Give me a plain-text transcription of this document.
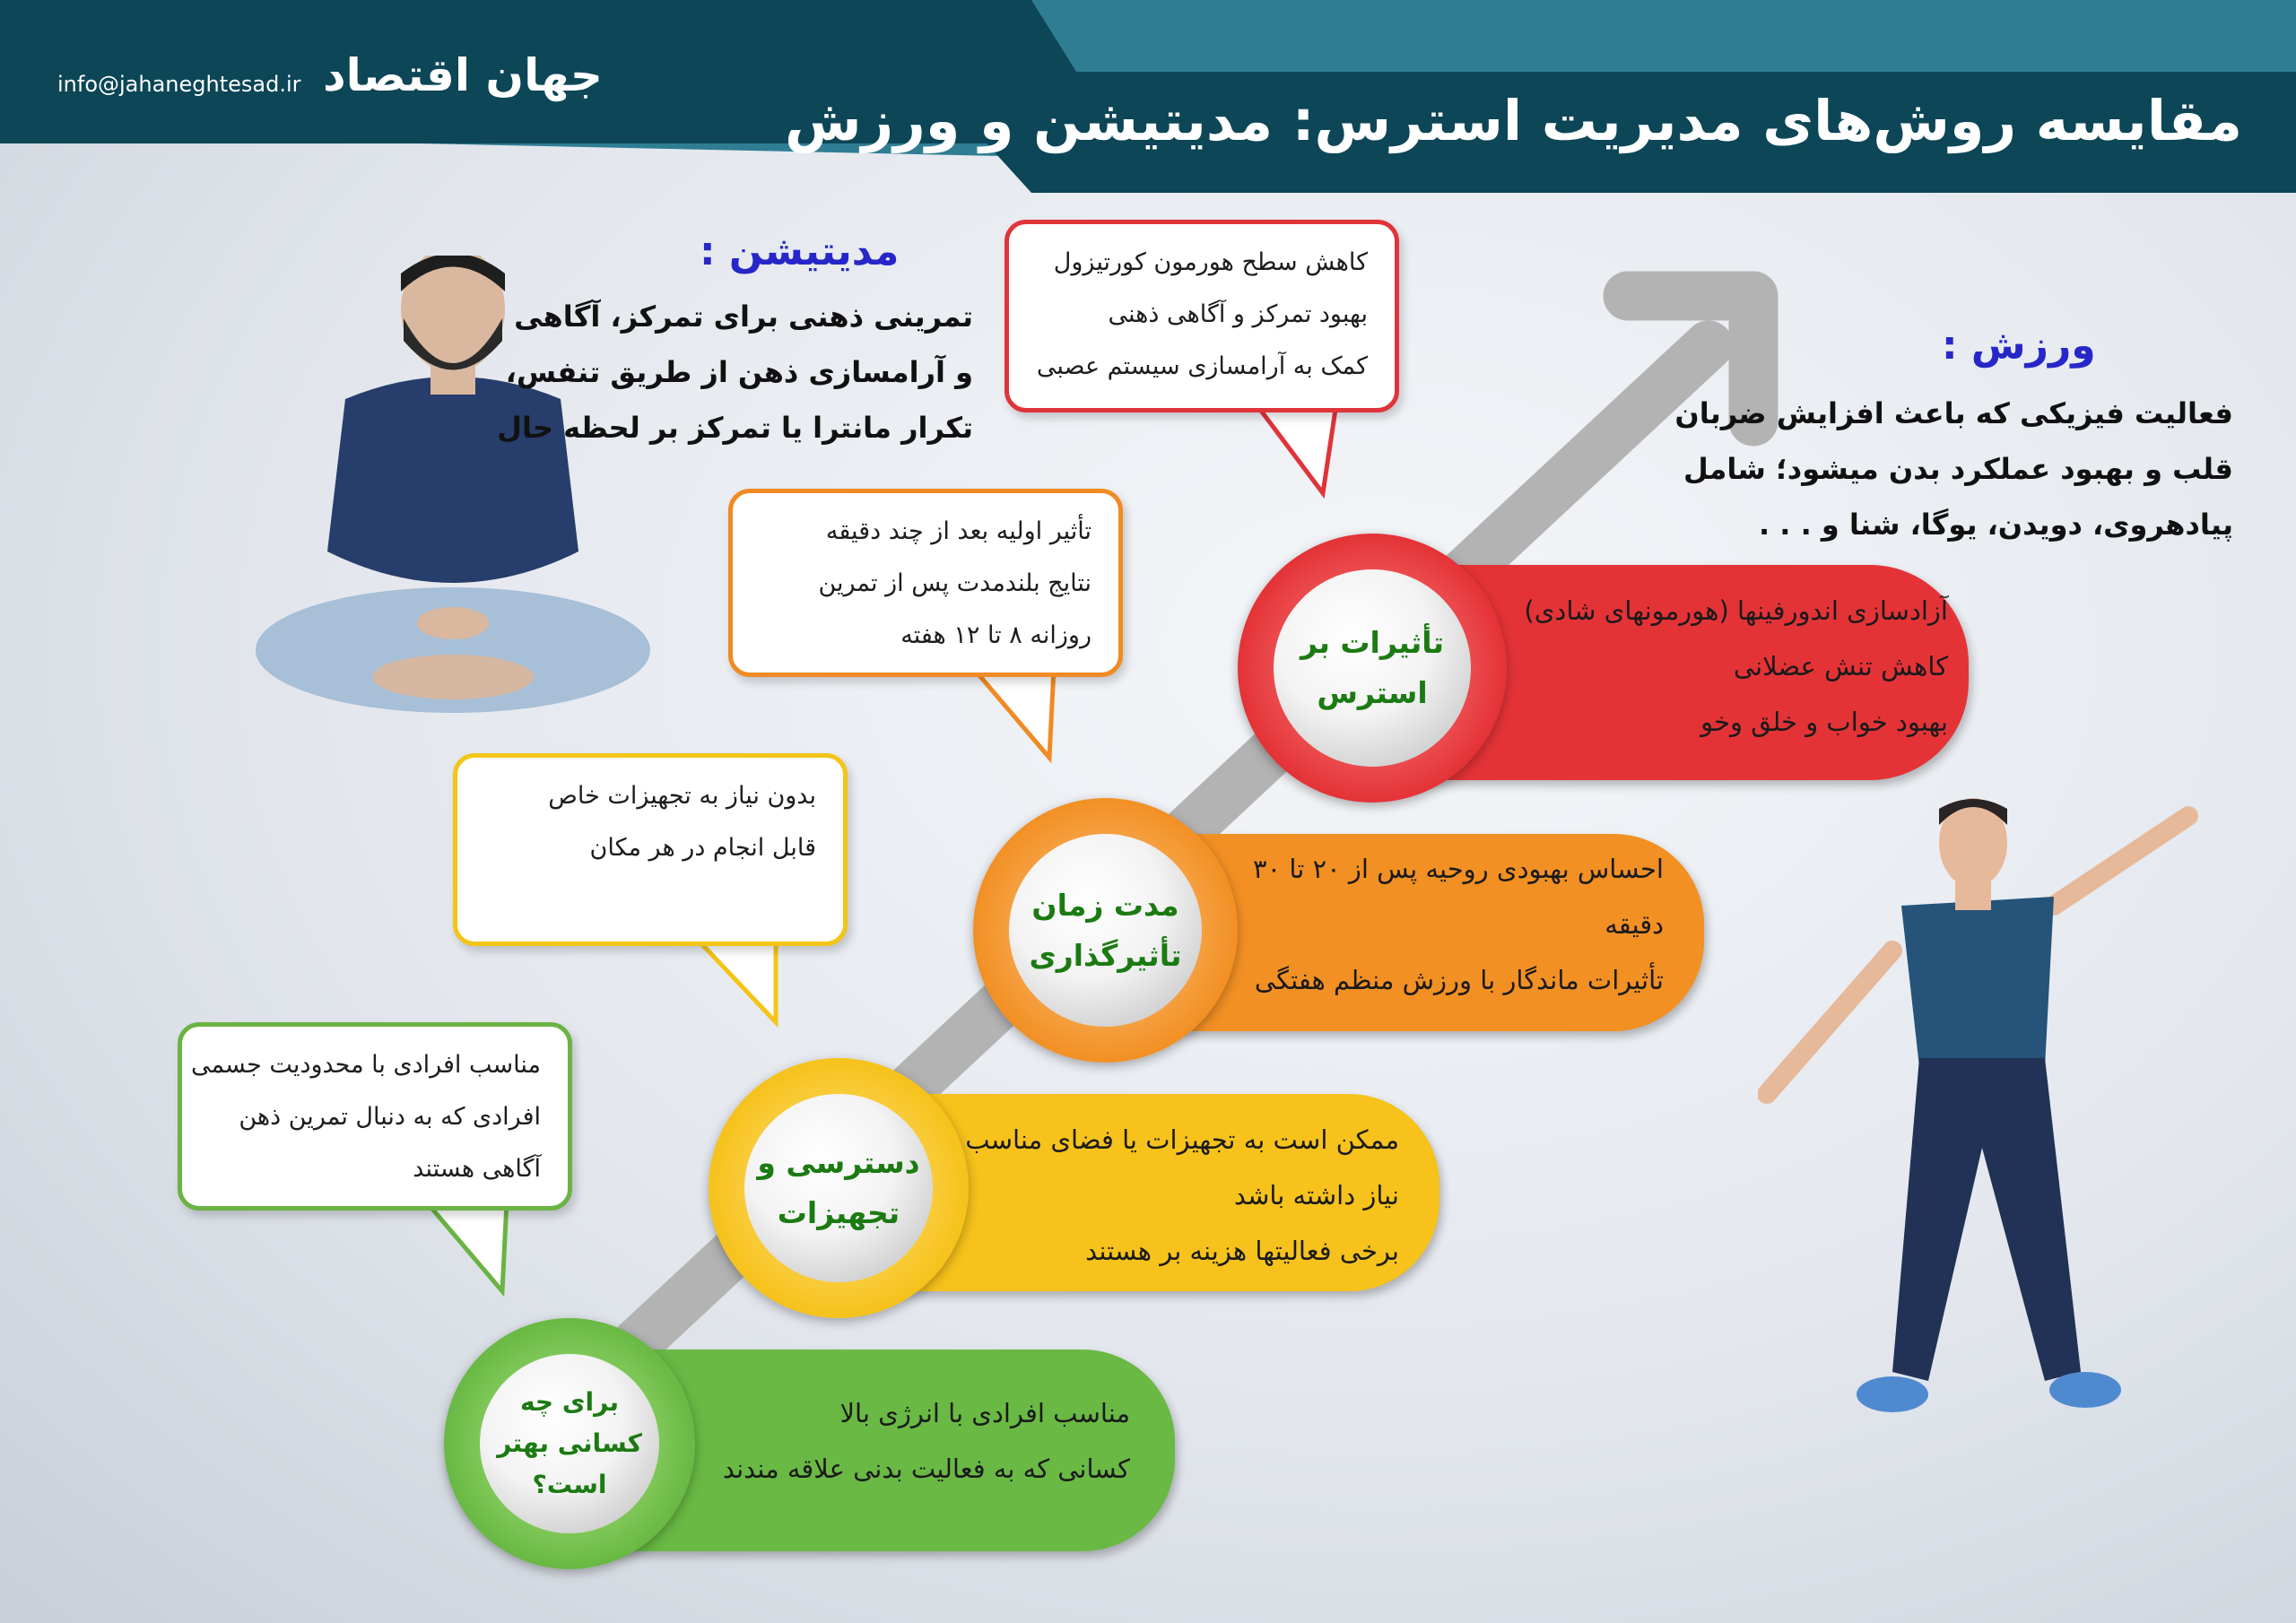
info@jahaneghtesad.ir جهان اقتصاد
مقایسه روش‌های مدیریت استرس: مدیتیشن و ورزش
مدیتیشن :
تمرینی ذهنی برای تمرکز، آگاهی
و آرامسازی ذهن از طریق تنفس،
تکرار مانترا یا تمرکز بر لحظه حال
ورزش :
فعالیت فیزیکی که باعث افزایش ضربان
قلب و بهبود عملکرد بدن میشود؛ شامل
پیادهروی، دویدن، یوگا، شنا و . . .
کاهش سطح هورمون کورتیزول
بهبود تمرکز و آگاهی ذهنی
کمک به آرامسازی سیستم عصبی
تأثیر اولیه بعد از چند دقیقه
نتایج بلندمدت پس از تمرین
روزانه ۸ تا ۱۲ هفته
بدون نیاز به تجهیزات خاص
قابل انجام در هر مکان
مناسب افرادی با محدودیت جسمی
افرادی که به دنبال تمرین ذهن
آگاهی هستند
آزادسازی اندورفینها (هورمونهای شادی)
کاهش تنش عضلانی
بهبود خواب و خلق وخو
تأثیرات بر
استرس
احساس بهبودی روحیه پس از ۲۰ تا ۳۰
دقیقه
تأثیرات ماندگار با ورزش منظم هفتگی
مدت زمان
تأثیرگذاری
ممکن است به تجهیزات یا فضای مناسب
نیاز داشته باشد
برخی فعالیتها هزینه بر هستند
دسترسی و
تجهیزات
مناسب افرادی با انرژی بالا
کسانی که به فعالیت بدنی علاقه مندند
برای چه
کسانی بهتر
است؟
